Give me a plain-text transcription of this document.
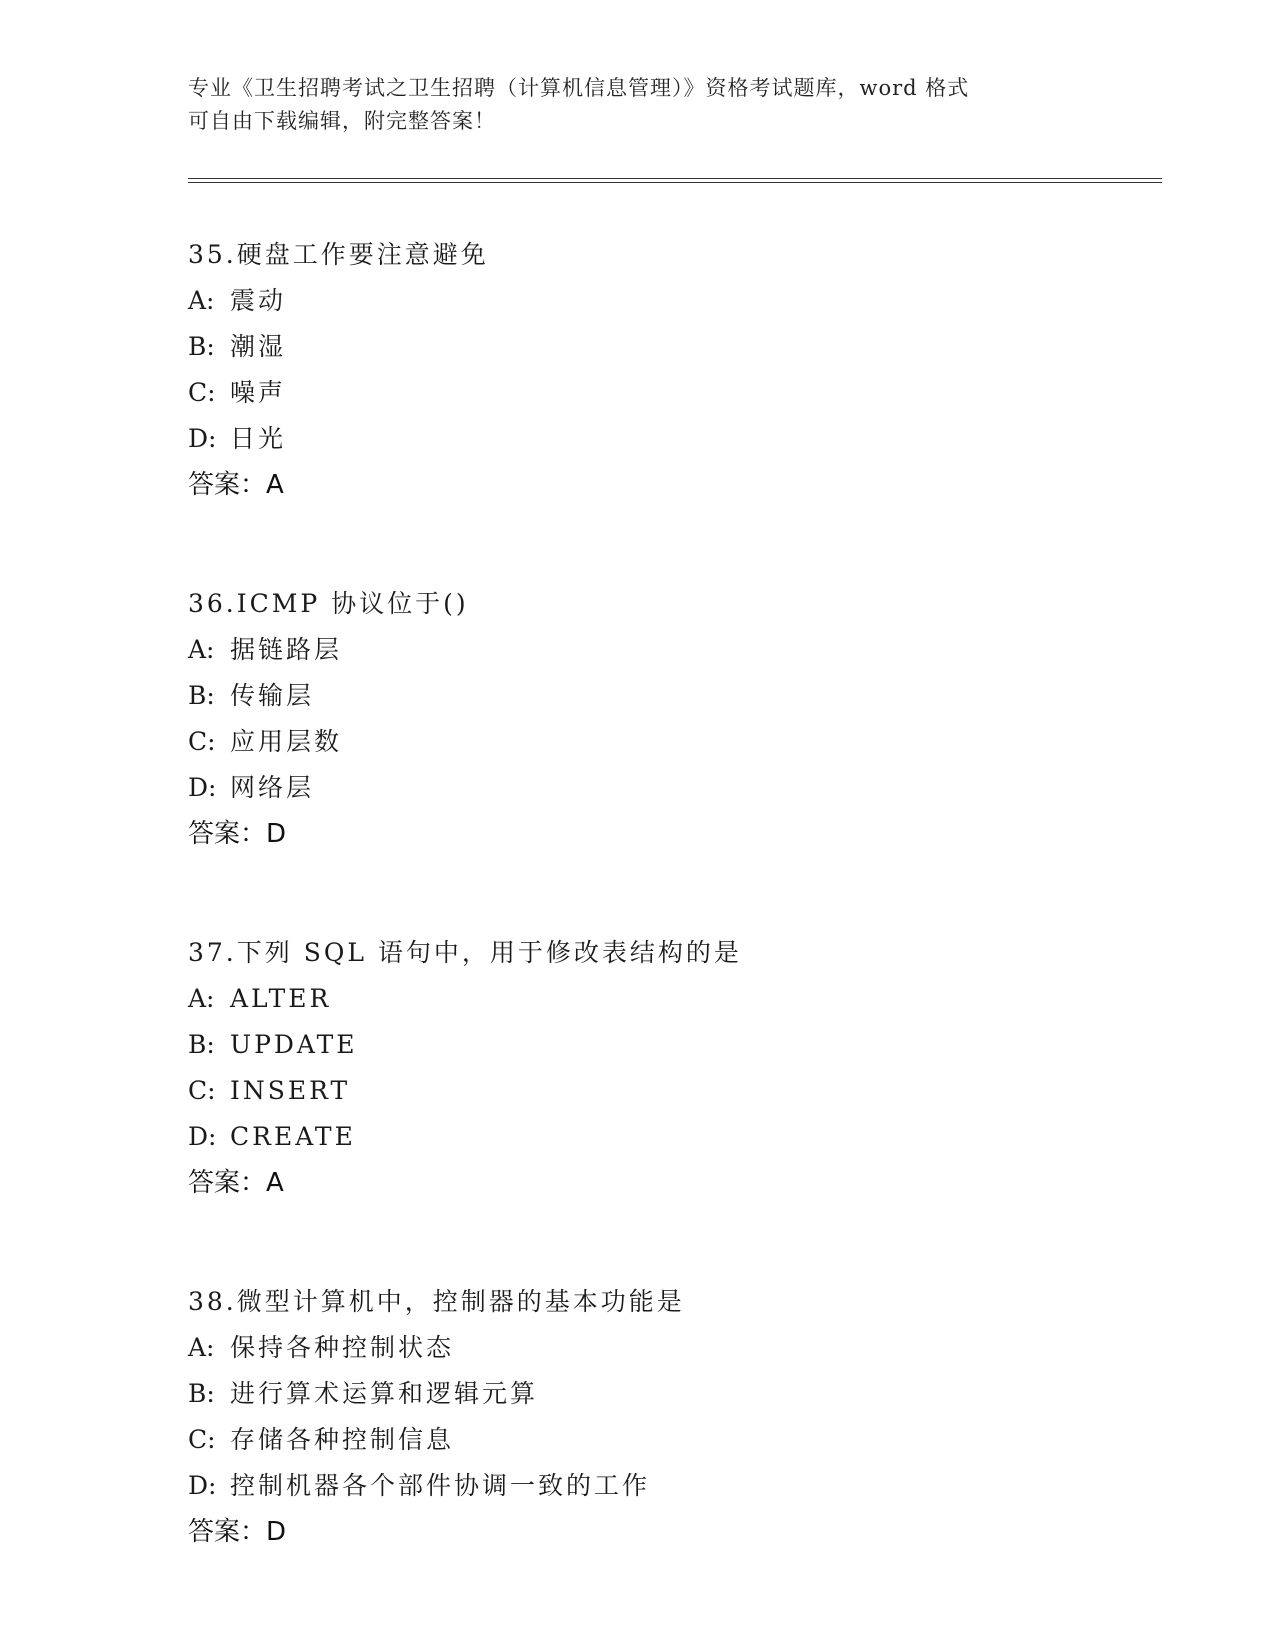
专业《卫生招聘考试之卫生招聘（计算机信息管理）》资格考试题库，word 格式
可自由下载编辑，附完整答案！
35.硬盘工作要注意避免
A: 震动
B: 潮湿
C: 噪声
D: 日光
答案：A
36.ICMP 协议位于()
A: 据链路层
B: 传输层
C: 应用层数
D: 网络层
答案：D
37.下列 SQL 语句中，用于修改表结构的是
A: ALTER
B: UPDATE
C: INSERT
D: CREATE
答案：A
38.微型计算机中，控制器的基本功能是
A: 保持各种控制状态
B: 进行算术运算和逻辑元算
C: 存储各种控制信息
D: 控制机器各个部件协调一致的工作
答案：D
